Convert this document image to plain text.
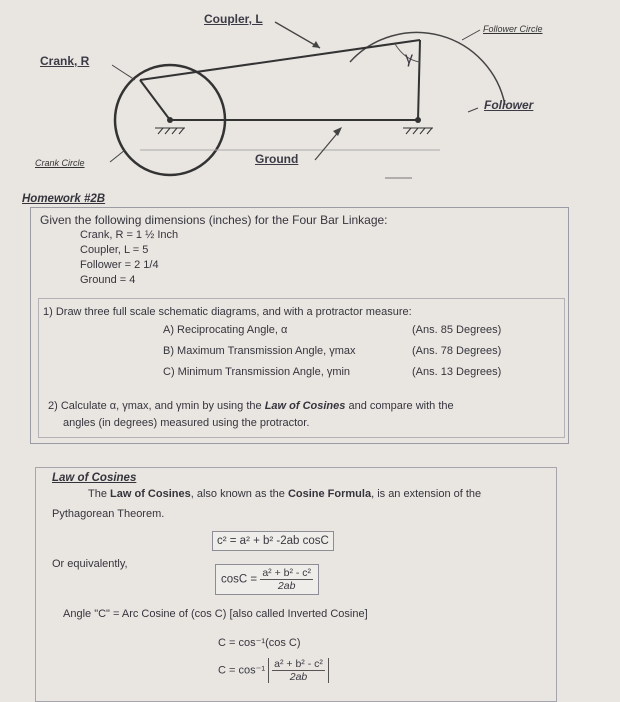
Coupler, L
Crank, R
Follower Circle
Follower
Crank Circle	Ground
γ
Homework #2B
Given the following dimensions (inches) for the Four Bar Linkage:
Crank, R = 1 ½ Inch
Coupler, L = 5
Follower = 2 1/4
Ground = 4
1) Draw three full scale schematic diagrams, and with a protractor measure:
A) Reciprocating Angle, α	(Ans. 85 Degrees)
B) Maximum Transmission Angle, γmax	(Ans. 78 Degrees)
C) Minimum Transmission Angle, γmin	(Ans. 13 Degrees)
2) Calculate α, γmax, and γmin by using the Law of Cosines and compare with the
angles (in degrees) measured using the protractor.
Law of Cosines
The Law of Cosines, also known as the Cosine Formula, is an extension of the
Pythagorean Theorem.
c² = a² + b² -2ab cosC
Or equivalently,
$\cos C = \frac{\text{a² + b² - c²}}{2ab}$
Angle "C" = Arc Cosine of (cos C) [also called Inverted Cosine]
C = cos⁻¹(cos C)
$C = \cos^{-1} \frac{\text{a² + b² - c²}}{2ab}$
